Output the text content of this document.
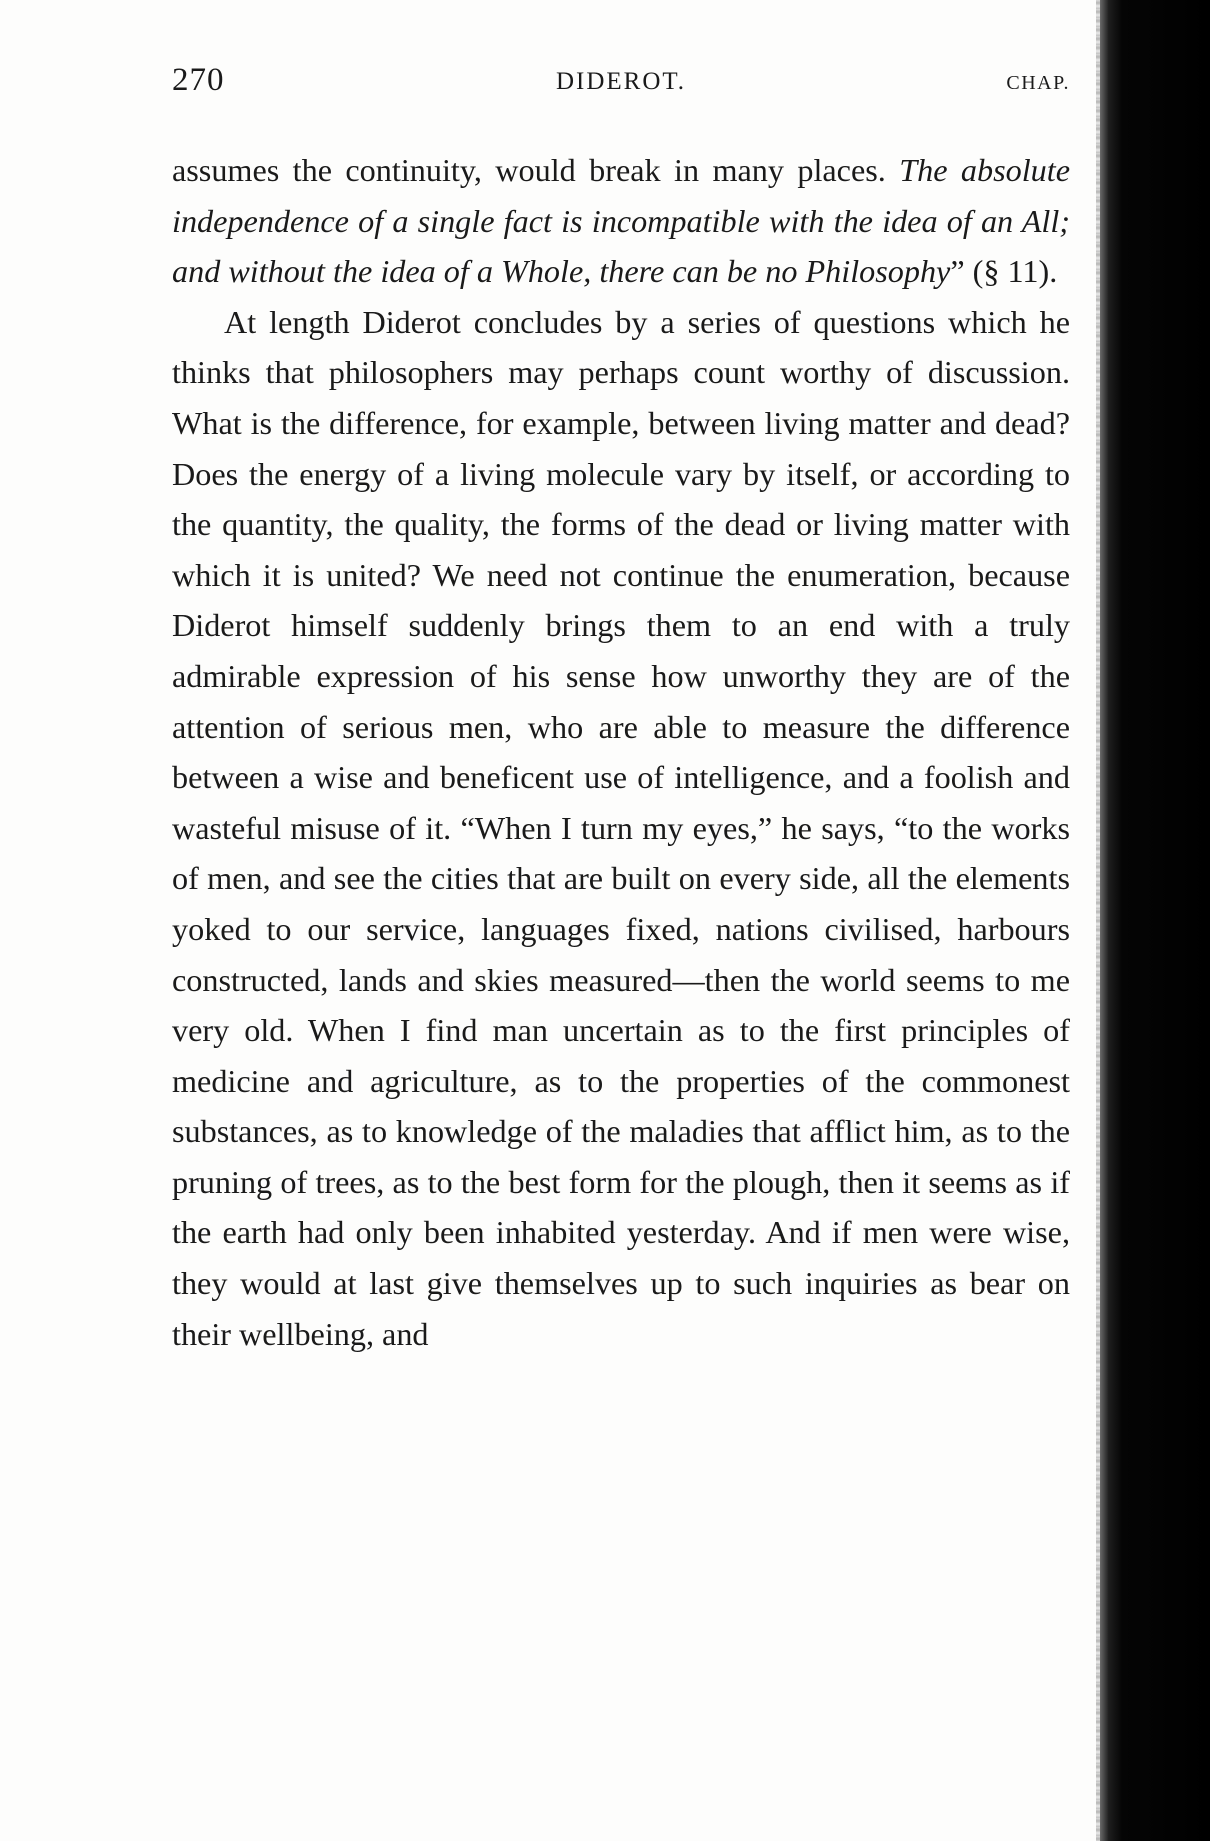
270	DIDEROT.	CHAP.

assumes the continuity, would break in many places. The absolute independence of a single fact is incompatible with the idea of an All; and without the idea of a Whole, there can be no Philosophy” (§ 11).

At length Diderot concludes by a series of questions which he thinks that philosophers may perhaps count worthy of discussion. What is the difference, for example, between living matter and dead? Does the energy of a living molecule vary by itself, or according to the quantity, the quality, the forms of the dead or living matter with which it is united? We need not continue the enumeration, because Diderot himself suddenly brings them to an end with a truly admirable expression of his sense how unworthy they are of the attention of serious men, who are able to measure the difference between a wise and beneficent use of intelligence, and a foolish and wasteful misuse of it. “When I turn my eyes,” he says, “to the works of men, and see the cities that are built on every side, all the elements yoked to our service, languages fixed, nations civilised, harbours constructed, lands and skies measured—then the world seems to me very old. When I find man uncertain as to the first principles of medicine and agriculture, as to the properties of the commonest substances, as to knowledge of the maladies that afflict him, as to the pruning of trees, as to the best form for the plough, then it seems as if the earth had only been inhabited yesterday. And if men were wise, they would at last give themselves up to such inquiries as bear on their wellbeing, and
